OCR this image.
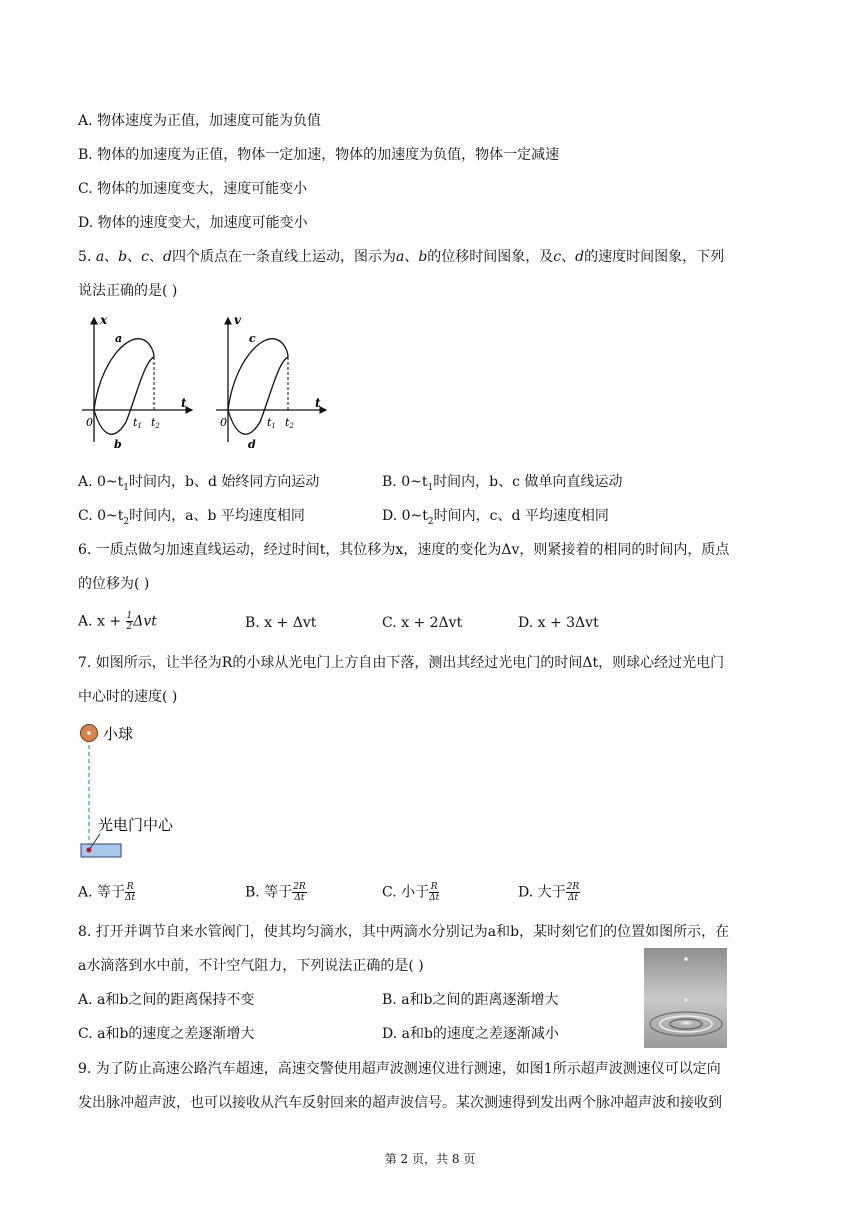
A. 物体速度为正值，加速度可能为负值
B. 物体的加速度为正值，物体一定加速，物体的加速度为负值，物体一定减速
C. 物体的加速度变大，速度可能变小
D. 物体的速度变大，加速度可能变小
5. a、b、c、d四个质点在一条直线上运动，图示为a、b的位移时间图象，及c、d的速度时间图象，下列
说法正确的是( )
x
t
0
a
b
t1 t2
v
t
0
c
d
t1 t2
A. $0\sim t_1$时间内，b、d 始终同方向运动	B. $0\sim t_1$时间内，b、c 做单向直线运动
C. $0\sim t_2$时间内，a、b 平均速度相同	D. $0\sim t_2$时间内，c、d 平均速度相同
6. 一质点做匀加速直线运动，经过时间t，其位移为x，速度的变化为Δv，则紧接着的相同的时间内，质点
的位移为( )
A. $x + \frac{1}{2}$ Δvt	B. x + Δvt	C. x + 2Δvt	D. x + 3Δvt
7. 如图所示，让半径为R的小球从光电门上方自由下落，测出其经过光电门的时间Δt，则球心经过光电门
中心时的速度( )
小球
光电门中心
A. 等于 $\frac{R}{\Delta t}$	B. 等于 $\frac{2R}{\Delta t}$	C. 小于 $\frac{R}{\Delta t}$	D. 大于 $\frac{2R}{\Delta t}$
8. 打开并调节自来水管阀门，使其均匀滴水，其中两滴水分别记为a和b，某时刻它们的位置如图所示，在
a水滴落到水中前，不计空气阻力，下列说法正确的是( )
A. a和b之间的距离保持不变	B. a和b之间的距离逐渐增大
C. a和b的速度之差逐渐增大	D. a和b的速度之差逐渐减小
9. 为了防止高速公路汽车超速，高速交警使用超声波测速仪进行测速，如图1所示超声波测速仪可以定向
发出脉冲超声波，也可以接收从汽车反射回来的超声波信号。某次测速得到发出两个脉冲超声波和接收到
第 2 页，共 8 页
